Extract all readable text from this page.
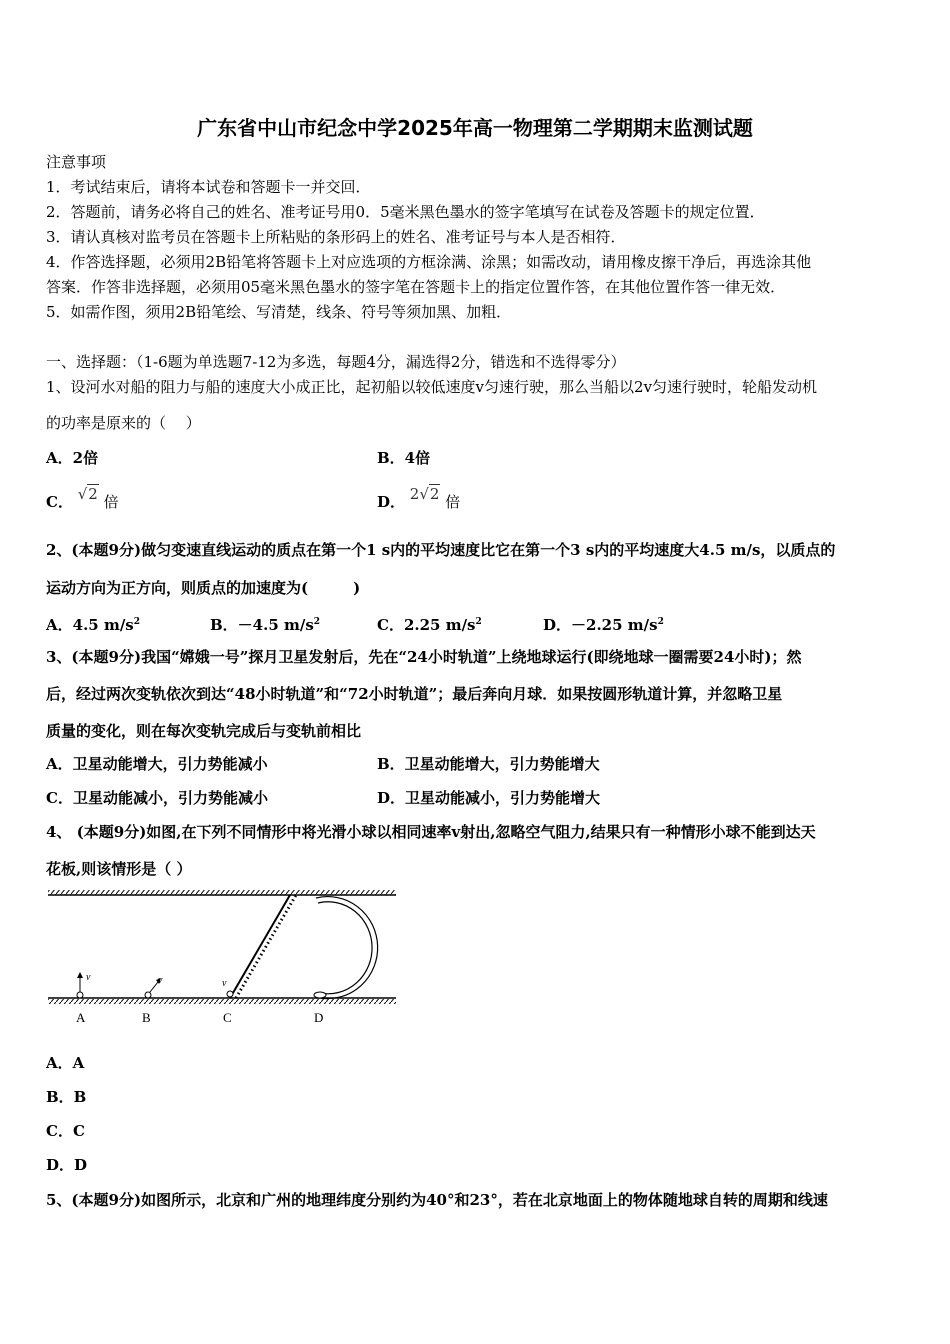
广东省中山市纪念中学2025年高一物理第二学期期末监测试题
注意事项
1．考试结束后，请将本试卷和答题卡一并交回．
2．答题前，请务必将自己的姓名、准考证号用0．5毫米黑色墨水的签字笔填写在试卷及答题卡的规定位置．
3．请认真核对监考员在答题卡上所粘贴的条形码上的姓名、准考证号与本人是否相符．
4．作答选择题，必须用2B铅笔将答题卡上对应选项的方框涂满、涂黑；如需改动，请用橡皮擦干净后，再选涂其他
答案．作答非选择题，必须用05毫米黑色墨水的签字笔在答题卡上的指定位置作答，在其他位置作答一律无效．
5．如需作图，须用2B铅笔绘、写清楚，线条、符号等须加黑、加粗．
一、选择题：（1-6题为单选题7-12为多选，每题4分，漏选得2分，错选和不选得零分）
1、设河水对船的阻力与船的速度大小成正比，起初船以较低速度v匀速行驶，那么当船以2v匀速行驶时，轮船发动机
的功率是原来的（　 ）
A．2倍	B．4倍
C． √2 倍	D． 2√2 倍
2、(本题9分)做匀变速直线运动的质点在第一个1 s内的平均速度比它在第一个3 s内的平均速度大4.5 m/s，以质点的
运动方向为正方向，则质点的加速度为(　　　)
A．4.5 $m/s^2$	B．－4.5 $m/s^2$	C．2.25 $m/s^2$	D．－2.25 $m/s^2$
3、(本题9分)我国“嫦娥一号”探月卫星发射后，先在“24小时轨道”上绕地球运行(即绕地球一圈需要24小时)；然
后，经过两次变轨依次到达“48小时轨道”和“72小时轨道”；最后奔向月球．如果按圆形轨道计算，并忽略卫星
质量的变化，则在每次变轨完成后与变轨前相比
A．卫星动能增大，引力势能减小	B．卫星动能增大，引力势能增大
C．卫星动能减小，引力势能减小	D．卫星动能减小，引力势能增大
4、 (本题9分)如图,在下列不同情形中将光滑小球以相同速率v射出,忽略空气阻力,结果只有一种情形小球不能到达天
花板,则该情形是（ ）
v	v	v
A	B	C	D
A．A
B．B
C．C
D．D
5、(本题9分)如图所示，北京和广州的地理纬度分别约为40°和23°，若在北京地面上的物体随地球自转的周期和线速
